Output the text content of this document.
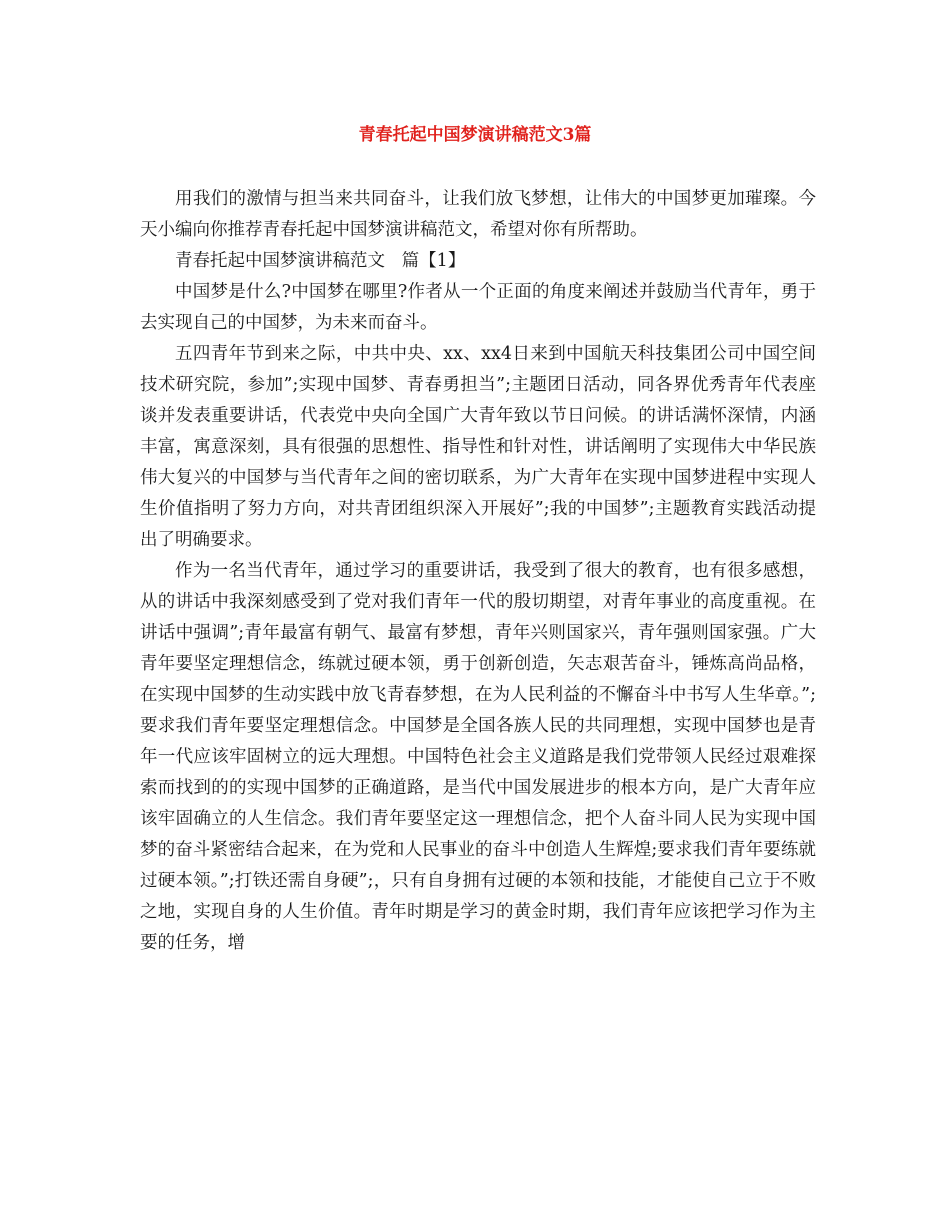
青春托起中国梦演讲稿范文3篇

用我们的激情与担当来共同奋斗，让我们放飞梦想，让伟大的中国梦更加璀璨。今天小编向你推荐青春托起中国梦演讲稿范文，希望对你有所帮助。

青春托起中国梦演讲稿范文   篇【1】

中国梦是什么?中国梦在哪里?作者从一个正面的角度来阐述并鼓励当代青年，勇于去实现自己的中国梦，为未来而奋斗。

五四青年节到来之际，中共中央、xx、xx4日来到中国航天科技集团公司中国空间技术研究院，参加”;实现中国梦、青春勇担当”;主题团日活动，同各界优秀青年代表座谈并发表重要讲话，代表党中央向全国广大青年致以节日问候。的讲话满怀深情，内涵丰富，寓意深刻，具有很强的思想性、指导性和针对性，讲话阐明了实现伟大中华民族伟大复兴的中国梦与当代青年之间的密切联系，为广大青年在实现中国梦进程中实现人生价值指明了努力方向，对共青团组织深入开展好”;我的中国梦”;主题教育实践活动提出了明确要求。

作为一名当代青年，通过学习的重要讲话，我受到了很大的教育，也有很多感想，从的讲话中我深刻感受到了党对我们青年一代的殷切期望，对青年事业的高度重视。在讲话中强调”;青年最富有朝气、最富有梦想，青年兴则国家兴，青年强则国家强。广大青年要坚定理想信念，练就过硬本领，勇于创新创造，矢志艰苦奋斗，锤炼高尚品格，在实现中国梦的生动实践中放飞青春梦想，在为人民利益的不懈奋斗中书写人生华章。”;要求我们青年要坚定理想信念。中国梦是全国各族人民的共同理想，实现中国梦也是青年一代应该牢固树立的远大理想。中国特色社会主义道路是我们党带领人民经过艰难探索而找到的的实现中国梦的正确道路，是当代中国发展进步的根本方向，是广大青年应该牢固确立的人生信念。我们青年要坚定这一理想信念，把个人奋斗同人民为实现中国梦的奋斗紧密结合起来，在为党和人民事业的奋斗中创造人生辉煌;要求我们青年要练就过硬本领。”;打铁还需自身硬”;，只有自身拥有过硬的本领和技能，才能使自己立于不败之地，实现自身的人生价值。青年时期是学习的黄金时期，我们青年应该把学习作为主要的任务，增
